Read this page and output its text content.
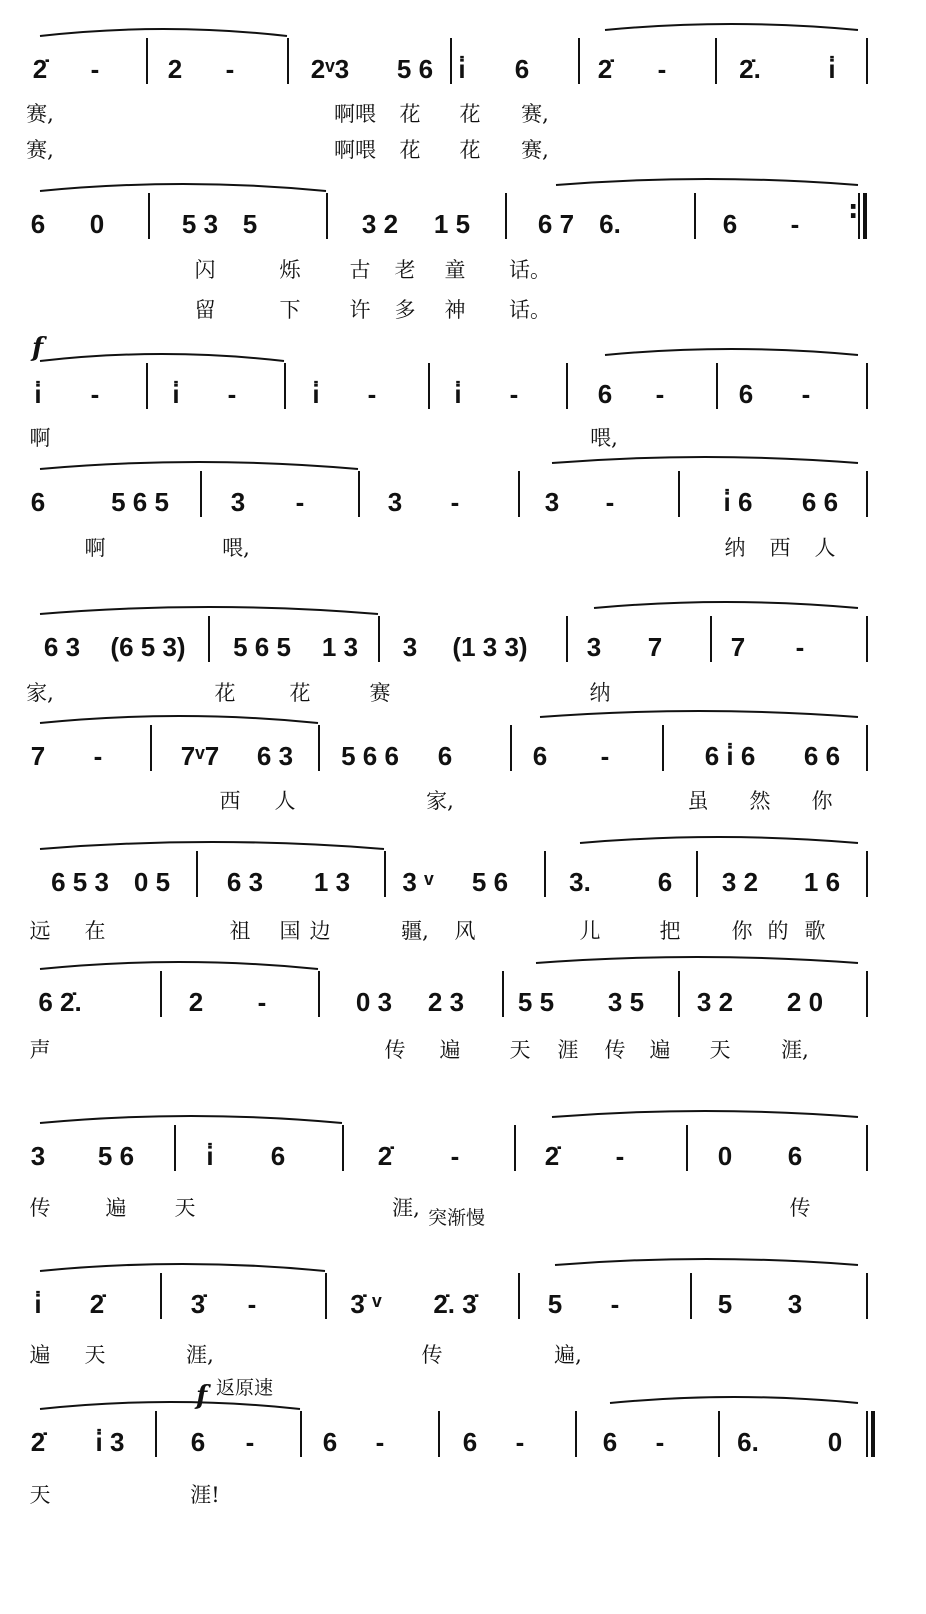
2̇ -	2 -	2ᵛ3 5 6 i̇ 6	2̇ -	2̇.	i̇
赛,	啊喂 花 花 赛,
赛,	啊喂 花 花 赛,
6 0	5 3 5	3 2 1 5	6 7 6.	6 - :
闪	烁 古 老 童 话。
留	下 许 多 神 话。
i̇ -	i̇ -	i̇ -	i̇ -	6 -	6 -
啊	喂,
f
6	5 6 5 3 -	3 -	3 -	i̇ 6 6 6
啊	喂,	纳 西 人
6 3 (6 5 3) 5 6 5 1 3 3 (1 3 3) 3 7	7 -
家,	花	花	赛	纳
7 -	7ᵛ7 6 3 5 6 6 6	6 -	6 i̇ 6 6 6
西 人	家,	虽 然 你
6 5 3 0 5 6 3 1 3 3 ᵛ 5 6 3.	6 3 2 1 6
远 在	祖 国 边	疆, 风	儿	把 你 的 歌
6 2̇.	2 -	0 3 2 3 5 5 3 5 3 2 2 0
声	传 遍 天 涯 传 遍 天 涯,
3 5 6	i̇ 6	2̇ -	2̇ -	0 6
传	遍 天	涯,	传
i̇ 2̇	3̇ -	3̇ ᵛ 2̇. 3̇	5 -	5 3
遍 天	涯,	传	遍,
突渐慢
2̇ i̇ 3	6 -	6 -	6 -	6 -	6.	0
天	涯!
f 返原速
